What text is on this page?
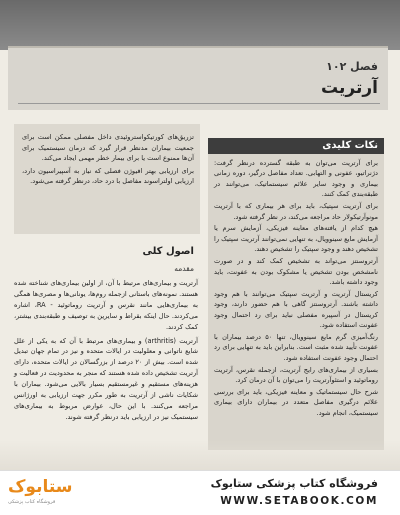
فصل ۱۰۲
آرتریت

تزریق‌های کورتیکواستروئیدی داخل مفصلی ممکن است برای جمعیت بیماران مدنظر قرار گیرد که درمان سیستمیک برای آن‌ها ممنوع است یا برای بیمار خطر مهمی ایجاد می‌کند.

برای ارزیابی بهتر افیوژن فصلی که نیاز به آسپیراسیون دارد، ارزیابی اولتراسوند مفاصل با درد حاد، درنظر گرفته می‌شود.

اصول کلی
مقدمه

آرتریت و بیماری‌های مرتبط با آن، از اولین بیماری‌های شناخته شده هستند. نمونه‌های باستانی ازجمله روم‌ها، یونانی‌ها و مصری‌ها همگی به بیماری‌هایی مانند نقرس و آرتریت روماتوئید - RA، اشاره می‌کردند. حال اینکه بقراط و سایرین به توصیف و طبقه‌بندی بیشتر، کمک کردند.

آرتریت (arthritis) و بیماری‌های مرتبط با آن که به یکی از علل شایع ناتوانی و معلولیت در ایالات متحده و نیز در تمام جهان تبدیل شده است. بیش از ۲۰ درصد از بزرگسالان در ایالات متحده، دارای آرتریت تشخیص داده شده هستند که منجر به محدودیت در فعالیت و هزینه‌های مستقیم و غیرمستقیم بسیار بالایی می‌شود. بیماران با شکایات ناشی از آرتریت به طور مکرر جهت ارزیابی به اورژانس مراجعه می‌کنند. با این حال، عوارض مربوط به بیماری‌های سیستمیک نیز در ارزیابی باید درنظر گرفته شوند.

نکات کلیدی

برای آرتریت می‌توان به طبقه گسترده درنظر گرفت: دژنراتیو، عفونی و التهابی. تعداد مفاصل درگیر، دوره زمانی بیماری و وجود سایر علائم سیستماتیک، می‌توانند در طبقه‌بندی کمک کنند.

برای آرتریت سپتیک، باید برای هر بیماری که با آرتریت مونوآرتیکولار حاد مراجعه می‌کند، در نظر گرفته شود.

هیچ کدام از یافته‌های معاینه فیزیکی، آزمایش سرم یا آزمایش مایع سینوویال، به تنهایی نمی‌توانند آرتریت سپتیک را تشخیص دهند و وجود سپتیک را تشخیص دهند.

آرتروسنتز می‌تواند به تشخیص کمک کند و در صورت نامشخص بودن تشخیص یا مشکوک بودن به عفونت، باید وجود داشته باشد.

کریستال آرتریت و آرتریت سپتیک می‌توانند با هم وجود داشته باشند. آرتروسنتز گاهی با هم حضور دارند، وجود کریستال در آسپیره مفصلی نباید برای رد احتمال وجود عفونت استفاده شود.

رنگ‌آمیزی گرم مایع سینوویال، تنها ۵۰ درصد بیماران با عفونت تأیید شده مثبت است. بنابراین باید به تنهایی برای رد احتمال وجود عفونت استفاده شود.

بسیاری از بیماری‌های رایج آرتریت، ازجمله نقرس، آرتریت روماتوئید و استئوآرتریت را می‌توان با آن درمان کرد.

شرح حال سیستماتیک و معاینه فیزیکی، باید برای بررسی علائم درگیری مفاصل متعدد در بیماران دارای بیماری سیستمیک، انجام شود.

ستابوک
فروشگاه کتاب پزشکی
فروشگاه کتاب پزشکی ستابوک
WWW.SETABOOK.COM
